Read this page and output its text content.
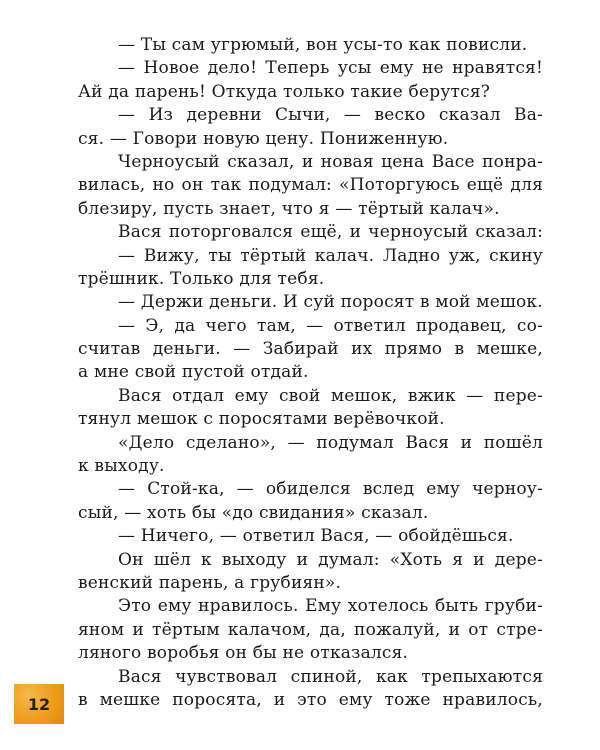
— Ты сам угрюмый, вон усы-то как повисли.
— Новое дело! Теперь усы ему не нравятся!
Ай да парень! Откуда только такие берутся?
— Из деревни Сычи, — веско сказал Ва-
ся. — Говори новую цену. Пониженную.
Черноусый сказал, и новая цена Васе понра-
вилась, но он так подумал: «Поторгуюсь ещё для
блезиру, пусть знает, что я — тёртый калач».
Вася поторговался ещё, и черноусый сказал:
— Вижу, ты тёртый калач. Ладно уж, скину
трёшник. Только для тебя.
— Держи деньги. И суй поросят в мой мешок.
— Э, да чего там, — ответил продавец, со-
считав деньги. — Забирай их прямо в мешке,
а мне свой пустой отдай.
Вася отдал ему свой мешок, вжик — пере-
тянул мешок с поросятами верёвочкой.
«Дело сделано», — подумал Вася и пошёл
к выходу.
— Стой-ка, — обиделся вслед ему черноу-
сый, — хоть бы «до свидания» сказал.
— Ничего, — ответил Вася, — обойдёшься.
Он шёл к выходу и думал: «Хоть я и дере-
венский парень, а грубиян».
Это ему нравилось. Ему хотелось быть груби-
яном и тёртым калачом, да, пожалуй, и от стре-
ляного воробья он бы не отказался.
Вася чувствовал спиной, как трепыхаются
в мешке поросята, и это ему тоже нравилось,
12
